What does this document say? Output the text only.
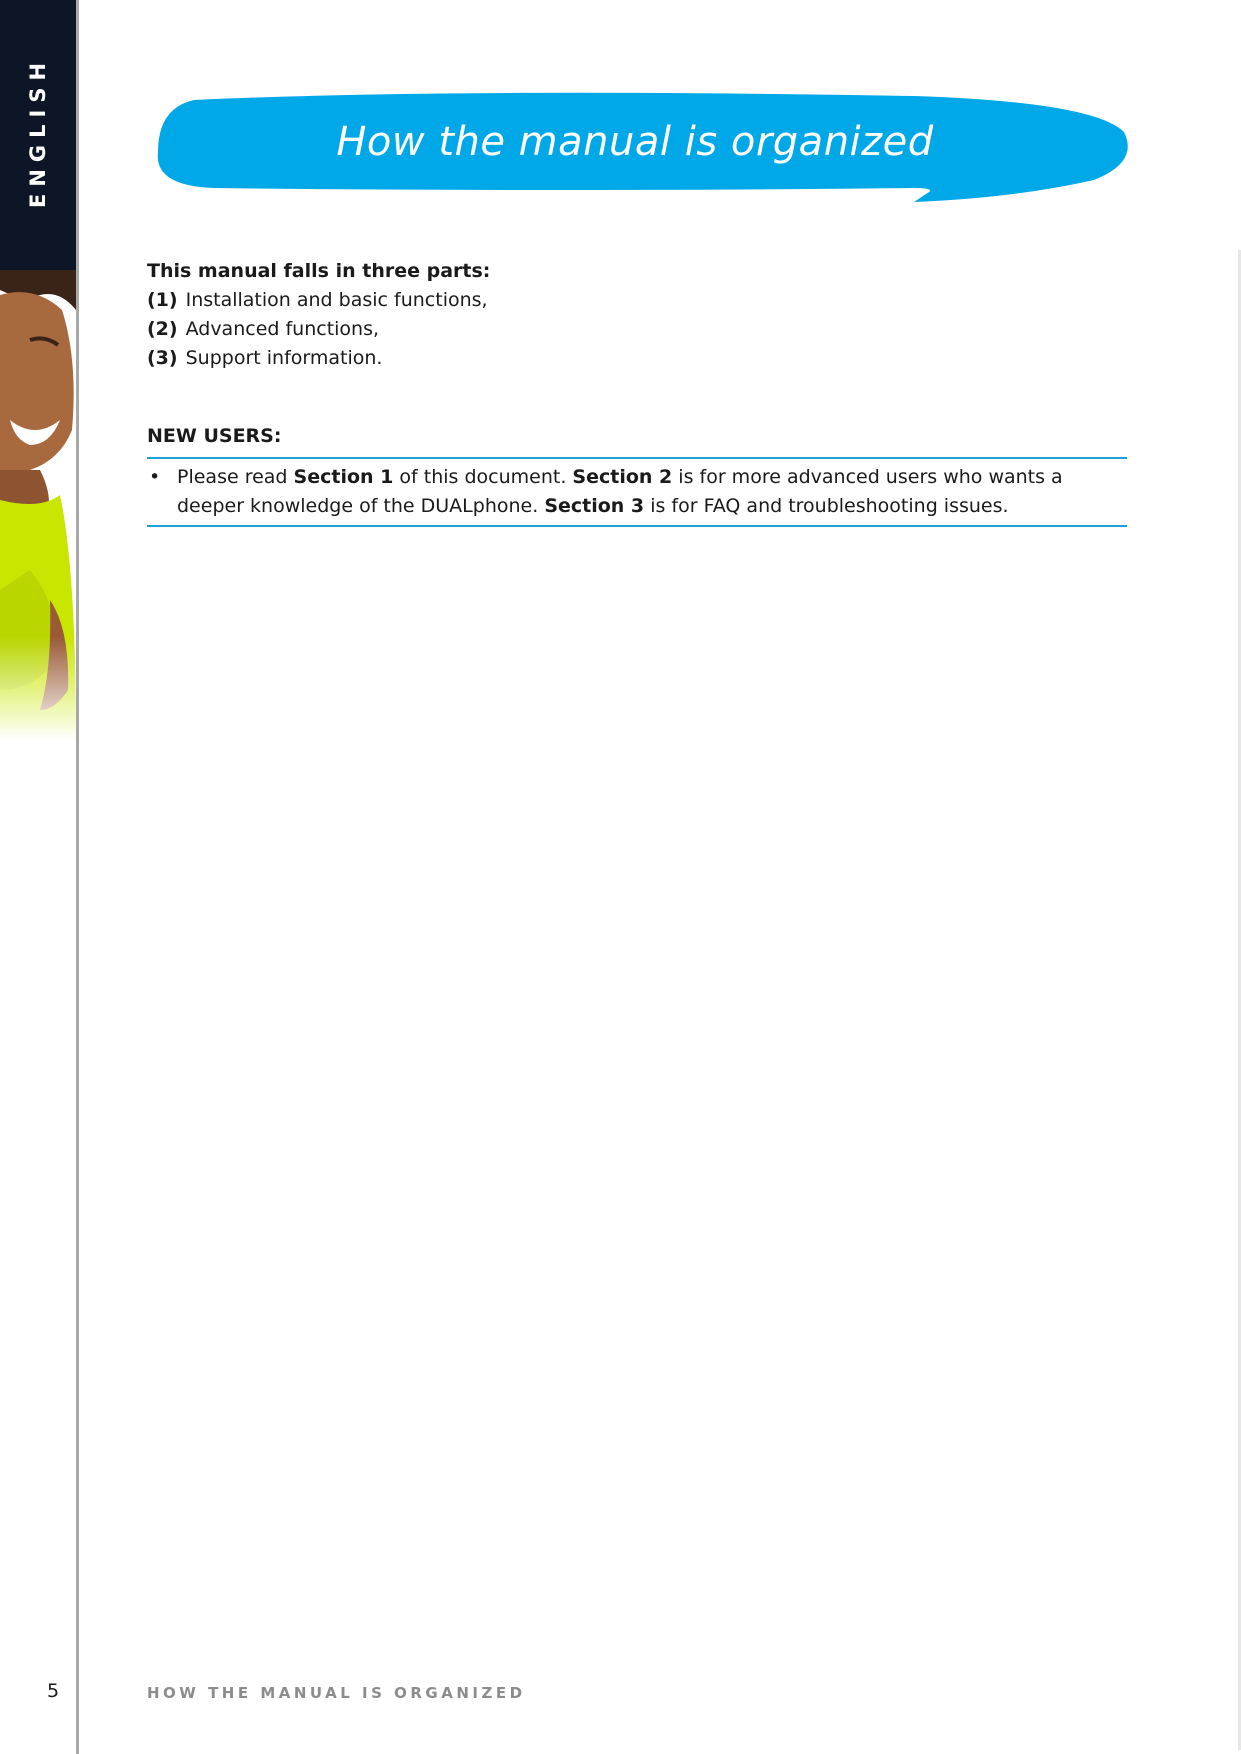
ENGLISH	How the manual is organized

This manual falls in three parts:

(1) Installation and basic functions,
(2) Advanced functions,
(3) Support information.

NEW USERS:

• Please read Section 1 of this document. Section 2 is for more advanced users who wants a deeper knowledge of the DUALphone. Section 3 is for FAQ and troubleshooting issues.

5	HOW THE MANUAL IS ORGANIZED
